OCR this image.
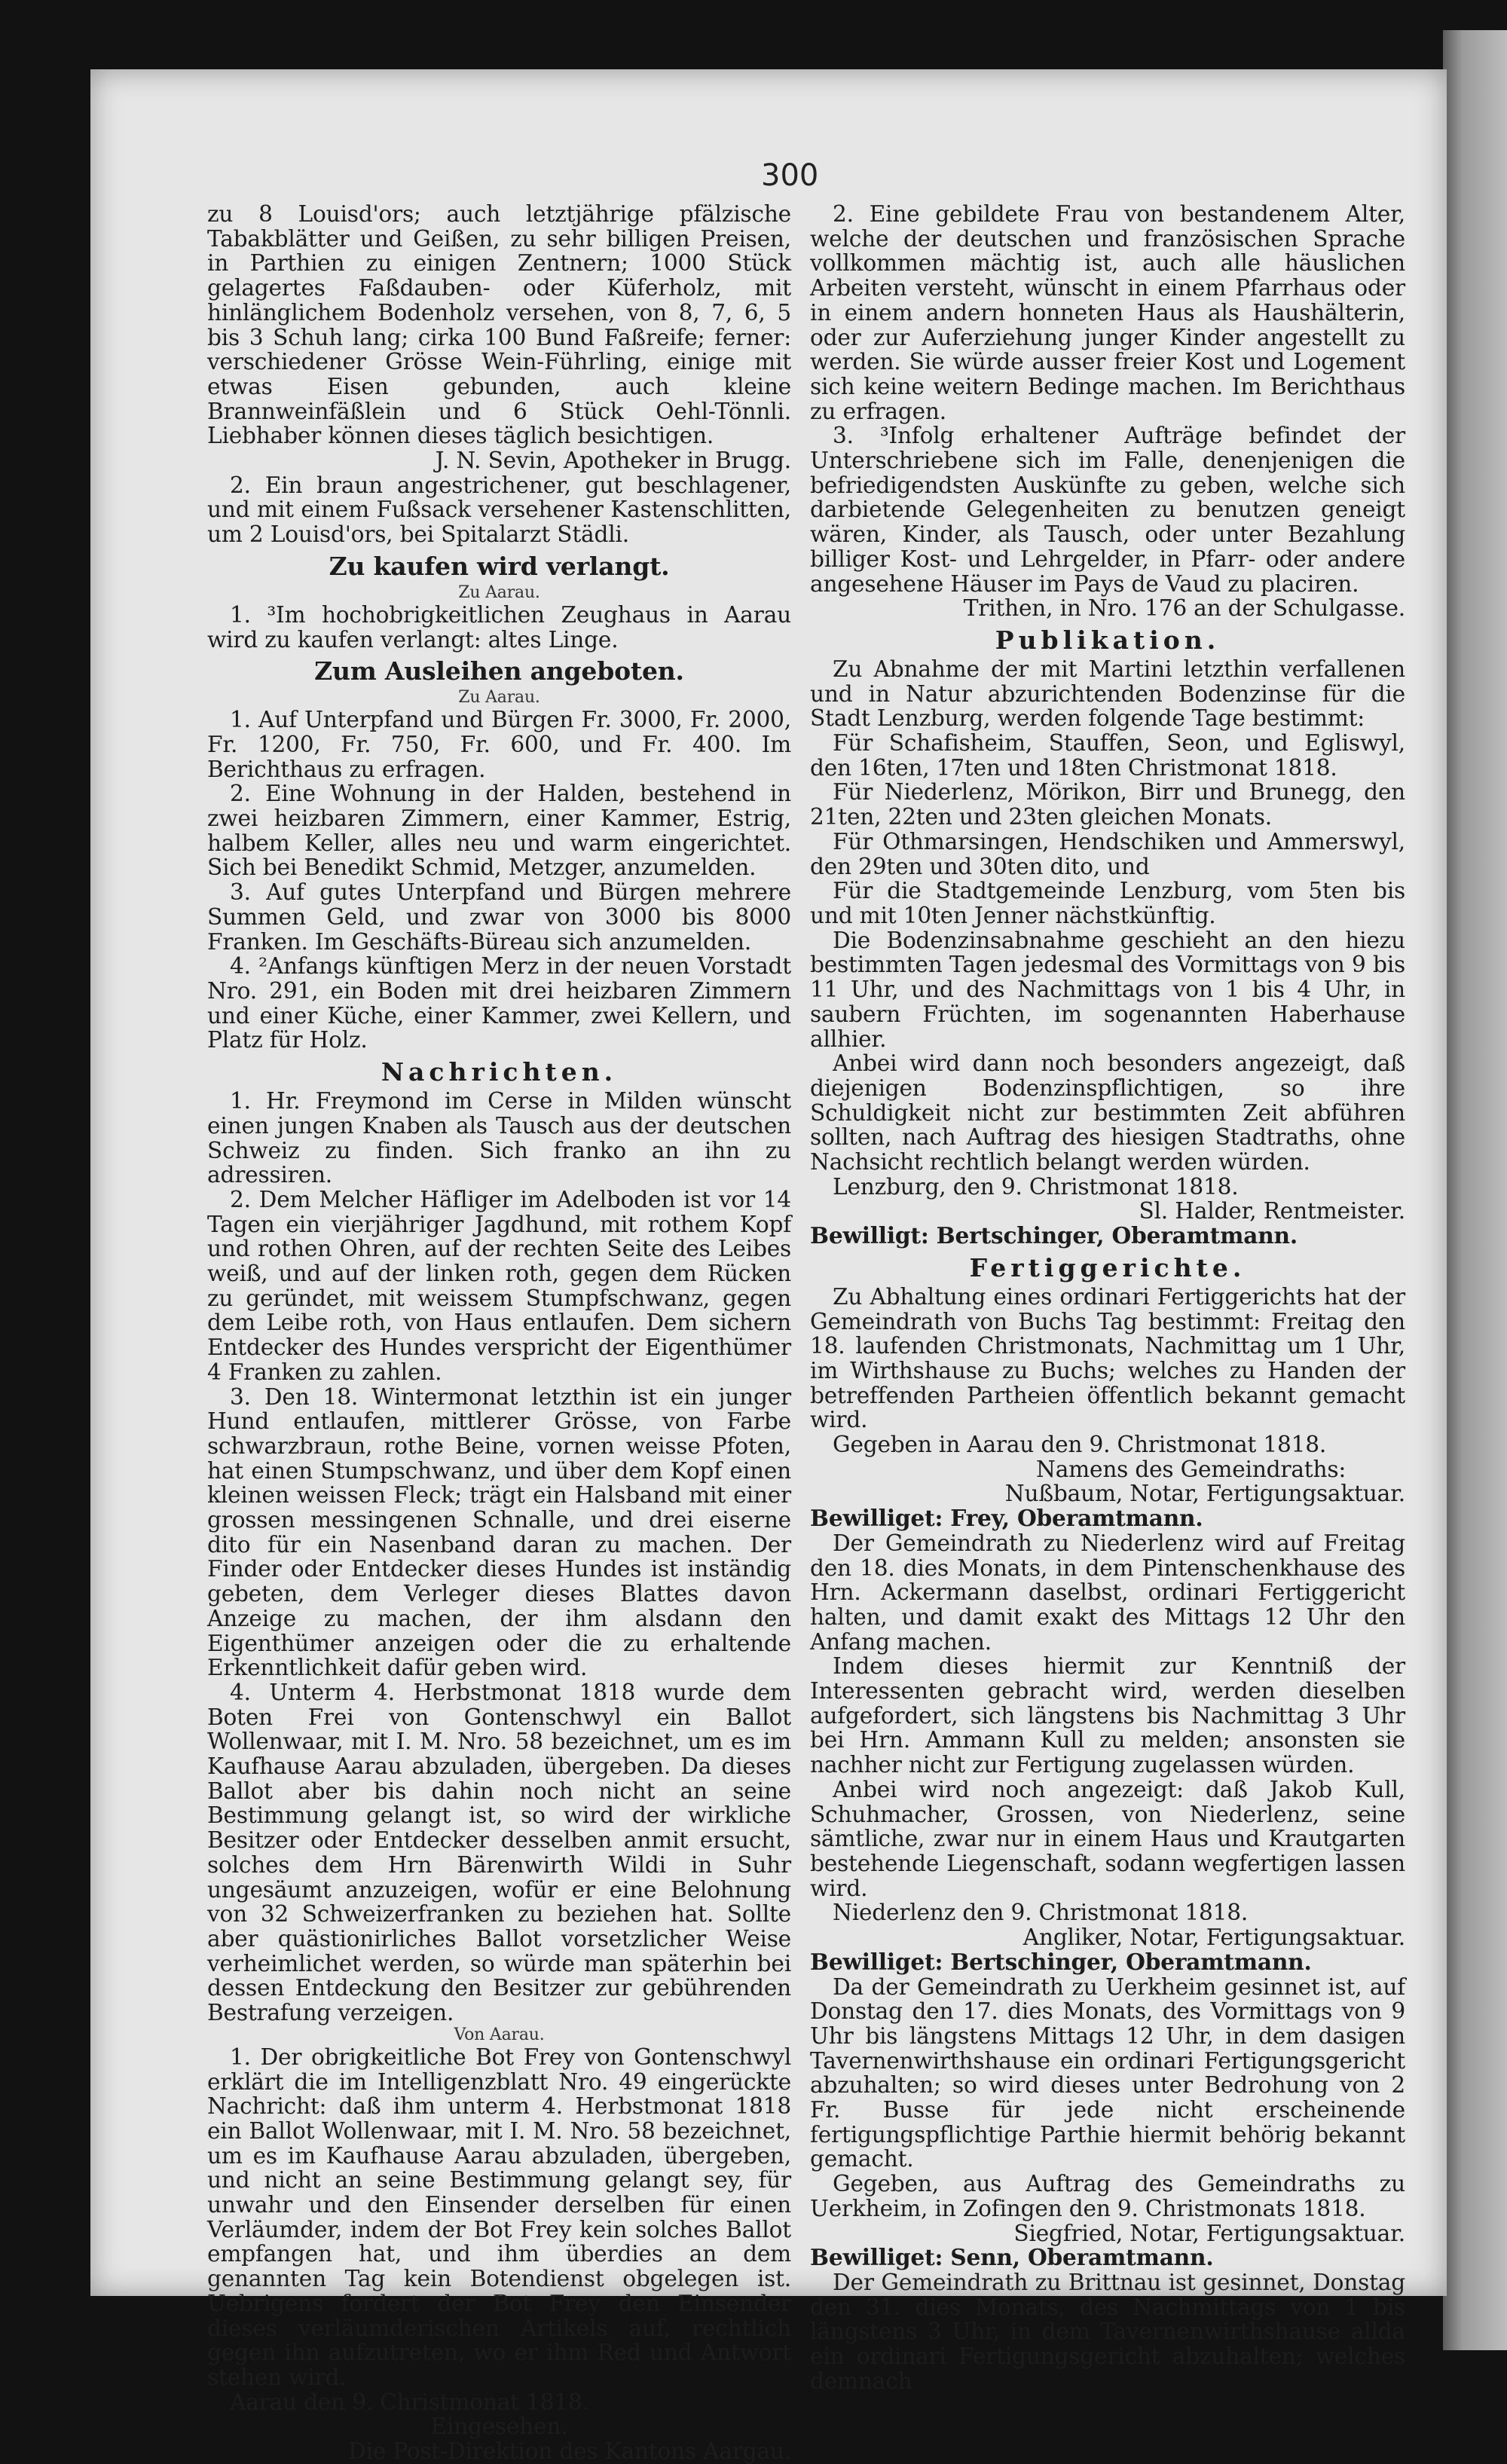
300

zu 8 Louisd'ors; auch letztjährige pfälzische Tabakblätter und Geißen, zu sehr billigen Preisen, in Parthien zu einigen Zentnern; 1000 Stück gelagertes Faßdauben- oder Küferholz, mit hinlänglichem Bodenholz versehen, von 8, 7, 6, 5 bis 3 Schuh lang; cirka 100 Bund Faßreife; ferner: verschiedener Grösse Wein-Führling, einige mit etwas Eisen gebunden, auch kleine Brannweinfäßlein und 6 Stück Oehl-Tönnli. Liebhaber können dieses täglich besichtigen.

J. N. Sevin, Apotheker in Brugg.

2. Ein braun angestrichener, gut beschlagener, und mit einem Fußsack versehener Kastenschlitten, um 2 Louisd'ors, bei Spitalarzt Städli.

Zu kaufen wird verlangt.
Zu Aarau.

1. ³Im hochobrigkeitlichen Zeughaus in Aarau wird zu kaufen verlangt: altes Linge.

Zum Ausleihen angeboten.
Zu Aarau.

1. Auf Unterpfand und Bürgen Fr. 3000, Fr. 2000, Fr. 1200, Fr. 750, Fr. 600, und Fr. 400. Im Berichthaus zu erfragen.

2. Eine Wohnung in der Halden, bestehend in zwei heizbaren Zimmern, einer Kammer, Estrig, halbem Keller, alles neu und warm eingerichtet. Sich bei Benedikt Schmid, Metzger, anzumelden.

3. Auf gutes Unterpfand und Bürgen mehrere Summen Geld, und zwar von 3000 bis 8000 Franken. Im Geschäfts-Büreau sich anzumelden.

4. ²Anfangs künftigen Merz in der neuen Vorstadt Nro. 291, ein Boden mit drei heizbaren Zimmern und einer Küche, einer Kammer, zwei Kellern, und Platz für Holz.

Nachrichten.

1. Hr. Freymond im Cerse in Milden wünscht einen jungen Knaben als Tausch aus der deutschen Schweiz zu finden. Sich franko an ihn zu adressiren.

2. Dem Melcher Häfliger im Adelboden ist vor 14 Tagen ein vierjähriger Jagdhund, mit rothem Kopf und rothen Ohren, auf der rechten Seite des Leibes weiß, und auf der linken roth, gegen dem Rücken zu geründet, mit weissem Stumpfschwanz, gegen dem Leibe roth, von Haus entlaufen. Dem sichern Entdecker des Hundes verspricht der Eigenthümer 4 Franken zu zahlen.

3. Den 18. Wintermonat letzthin ist ein junger Hund entlaufen, mittlerer Grösse, von Farbe schwarzbraun, rothe Beine, vornen weisse Pfoten, hat einen Stumpschwanz, und über dem Kopf einen kleinen weissen Fleck; trägt ein Halsband mit einer grossen messingenen Schnalle, und drei eiserne dito für ein Nasenband daran zu machen. Der Finder oder Entdecker dieses Hundes ist inständig gebeten, dem Verleger dieses Blattes davon Anzeige zu machen, der ihm alsdann den Eigenthümer anzeigen oder die zu erhaltende Erkenntlichkeit dafür geben wird.

4. Unterm 4. Herbstmonat 1818 wurde dem Boten Frei von Gontenschwyl ein Ballot Wollenwaar, mit I. M. Nro. 58 bezeichnet, um es im Kaufhause Aarau abzuladen, übergeben. Da dieses Ballot aber bis dahin noch nicht an seine Bestimmung gelangt ist, so wird der wirkliche Besitzer oder Entdecker desselben anmit ersucht, solches dem Hrn Bärenwirth Wildi in Suhr ungesäumt anzuzeigen, wofür er eine Belohnung von 32 Schweizerfranken zu beziehen hat. Sollte aber quästionirliches Ballot vorsetzlicher Weise verheimlichet werden, so würde man späterhin bei dessen Entdeckung den Besitzer zur gebührenden Bestrafung verzeigen.

Von Aarau.

1. Der obrigkeitliche Bot Frey von Gontenschwyl erklärt die im Intelligenzblatt Nro. 49 eingerückte Nachricht: daß ihm unterm 4. Herbstmonat 1818 ein Ballot Wollenwaar, mit I. M. Nro. 58 bezeichnet, um es im Kaufhause Aarau abzuladen, übergeben, und nicht an seine Bestimmung gelangt sey, für unwahr und den Einsender derselben für einen Verläumder, indem der Bot Frey kein solches Ballot empfangen hat, und ihm überdies an dem genannten Tag kein Botendienst obgelegen ist. Uebrigens fordert der Bot Frey den Einsender dieses verläumderischen Artikels auf, rechtlich gegen ihn aufzutreten, wo er ihm Red und Antwort stehen wird.

Aarau den 9. Christmonat 1818.

Eingesehen.

Die Post-Direktion des Kantons Aargau.

2. Eine gebildete Frau von bestandenem Alter, welche der deutschen und französischen Sprache vollkommen mächtig ist, auch alle häuslichen Arbeiten versteht, wünscht in einem Pfarrhaus oder in einem andern honneten Haus als Haushälterin, oder zur Auferziehung junger Kinder angestellt zu werden. Sie würde ausser freier Kost und Logement sich keine weitern Bedinge machen. Im Berichthaus zu erfragen.

3. ³Infolg erhaltener Aufträge befindet der Unterschriebene sich im Falle, denenjenigen die befriedigendsten Auskünfte zu geben, welche sich darbietende Gelegenheiten zu benutzen geneigt wären, Kinder, als Tausch, oder unter Bezahlung billiger Kost- und Lehrgelder, in Pfarr- oder andere angesehene Häuser im Pays de Vaud zu placiren.

Trithen, in Nro. 176 an der Schulgasse.

Publikation.

Zu Abnahme der mit Martini letzthin verfallenen und in Natur abzurichtenden Bodenzinse für die Stadt Lenzburg, werden folgende Tage bestimmt:

Für Schafisheim, Stauffen, Seon, und Egliswyl, den 16ten, 17ten und 18ten Christmonat 1818.

Für Niederlenz, Mörikon, Birr und Brunegg, den 21ten, 22ten und 23ten gleichen Monats.

Für Othmarsingen, Hendschiken und Ammerswyl, den 29ten und 30ten dito, und

Für die Stadtgemeinde Lenzburg, vom 5ten bis und mit 10ten Jenner nächstkünftig.

Die Bodenzinsabnahme geschieht an den hiezu bestimmten Tagen jedesmal des Vormittags von 9 bis 11 Uhr, und des Nachmittags von 1 bis 4 Uhr, in saubern Früchten, im sogenannten Haberhause allhier.

Anbei wird dann noch besonders angezeigt, daß diejenigen Bodenzinspflichtigen, so ihre Schuldigkeit nicht zur bestimmten Zeit abführen sollten, nach Auftrag des hiesigen Stadtraths, ohne Nachsicht rechtlich belangt werden würden.

Lenzburg, den 9. Christmonat 1818.

Sl. Halder, Rentmeister.

Bewilligt: Bertschinger, Oberamtmann.

Fertiggerichte.

Zu Abhaltung eines ordinari Fertiggerichts hat der Gemeindrath von Buchs Tag bestimmt: Freitag den 18. laufenden Christmonats, Nachmittag um 1 Uhr, im Wirthshause zu Buchs; welches zu Handen der betreffenden Partheien öffentlich bekannt gemacht wird.

Gegeben in Aarau den 9. Christmonat 1818.

Namens des Gemeindraths:

Nußbaum, Notar, Fertigungsaktuar.

Bewilliget: Frey, Oberamtmann.

Der Gemeindrath zu Niederlenz wird auf Freitag den 18. dies Monats, in dem Pintenschenkhause des Hrn. Ackermann daselbst, ordinari Fertiggericht halten, und damit exakt des Mittags 12 Uhr den Anfang machen.

Indem dieses hiermit zur Kenntniß der Interessenten gebracht wird, werden dieselben aufgefordert, sich längstens bis Nachmittag 3 Uhr bei Hrn. Ammann Kull zu melden; ansonsten sie nachher nicht zur Fertigung zugelassen würden.

Anbei wird noch angezeigt: daß Jakob Kull, Schuhmacher, Grossen, von Niederlenz, seine sämtliche, zwar nur in einem Haus und Krautgarten bestehende Liegenschaft, sodann wegfertigen lassen wird.

Niederlenz den 9. Christmonat 1818.

Angliker, Notar, Fertigungsaktuar.

Bewilliget: Bertschinger, Oberamtmann.

Da der Gemeindrath zu Uerkheim gesinnet ist, auf Donstag den 17. dies Monats, des Vormittags von 9 Uhr bis längstens Mittags 12 Uhr, in dem dasigen Tavernenwirthshause ein ordinari Fertigungsgericht abzuhalten; so wird dieses unter Bedrohung von 2 Fr. Busse für jede nicht erscheinende fertigungspflichtige Parthie hiermit behörig bekannt gemacht.

Gegeben, aus Auftrag des Gemeindraths zu Uerkheim, in Zofingen den 9. Christmonats 1818.

Siegfried, Notar, Fertigungsaktuar.

Bewilliget: Senn, Oberamtmann.

Der Gemeindrath zu Brittnau ist gesinnet, Donstag den 31. dies Monats, des Nachmittags von 1 bis längstens 3 Uhr, in dem Tavernenwirthshause allda ein ordinari Fertigungsgericht abzuhalten; welches demnach
